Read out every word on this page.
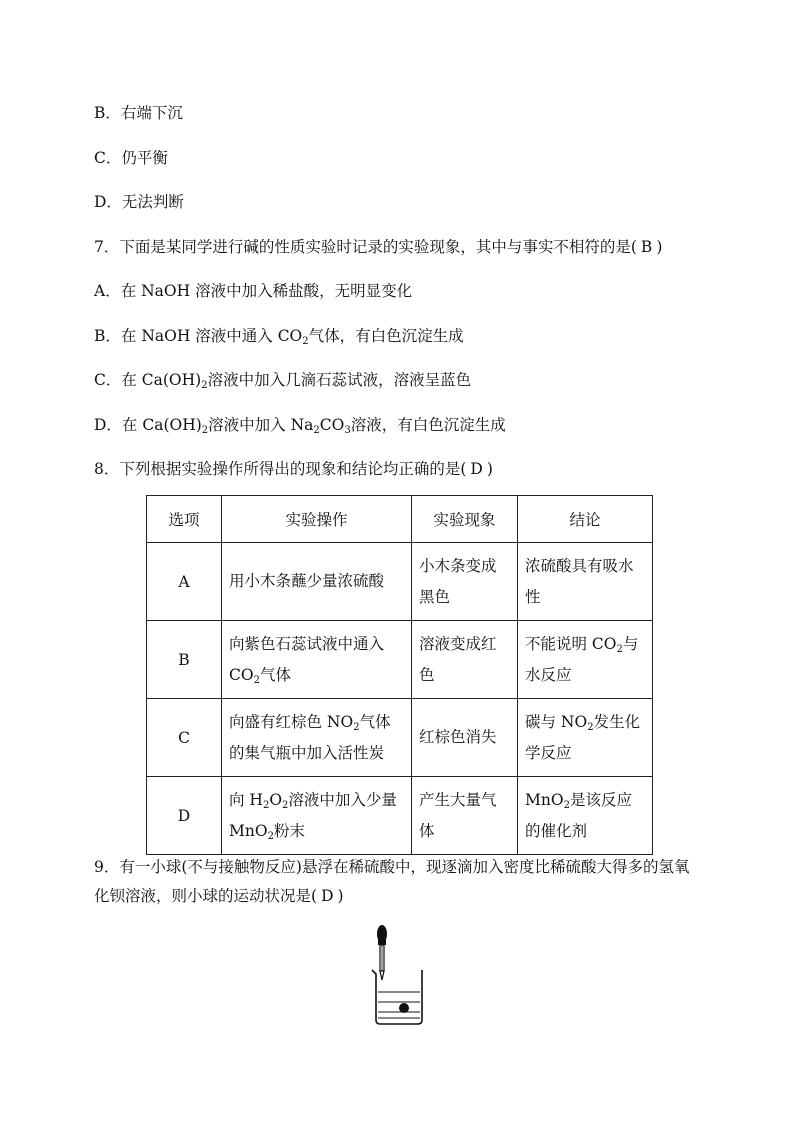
B．右端下沉
C．仍平衡
D．无法判断
7．下面是某同学进行碱的性质实验时记录的实验现象，其中与事实不相符的是( B )
A．在 NaOH 溶液中加入稀盐酸，无明显变化
B．在 NaOH 溶液中通入 $CO_2$气体，有白色沉淀生成
C．在 $Ca(OH)_2$溶液中加入几滴石蕊试液，溶液呈蓝色
D．在 $Ca(OH)_2$溶液中加入 $Na_2CO_3$溶液，有白色沉淀生成
8．下列根据实验操作所得出的现象和结论均正确的是( D )
选项	实验操作	实验现象	结论
A	用小木条蘸少量浓硫酸	小木条变成黑色	浓硫酸具有吸水性

B	向紫色石蕊试液中通入 $CO_2$气体	溶液变成红色	不能说明 $CO_2$与水反应

C	向盛有红棕色 $NO_2$气体的集气瓶中加入活性炭	红棕色消失	碳与 $NO_2$发生化学反应

D	向 $H_2O_2$溶液中加入少量 MnO$_2$粉末	产生大量气体	MnO$_2$是该反应的催化剂
9．有一小球(不与接触物反应)悬浮在稀硫酸中，现逐滴加入密度比稀硫酸大得多的氢氧
化钡溶液，则小球的运动状况是( D )
